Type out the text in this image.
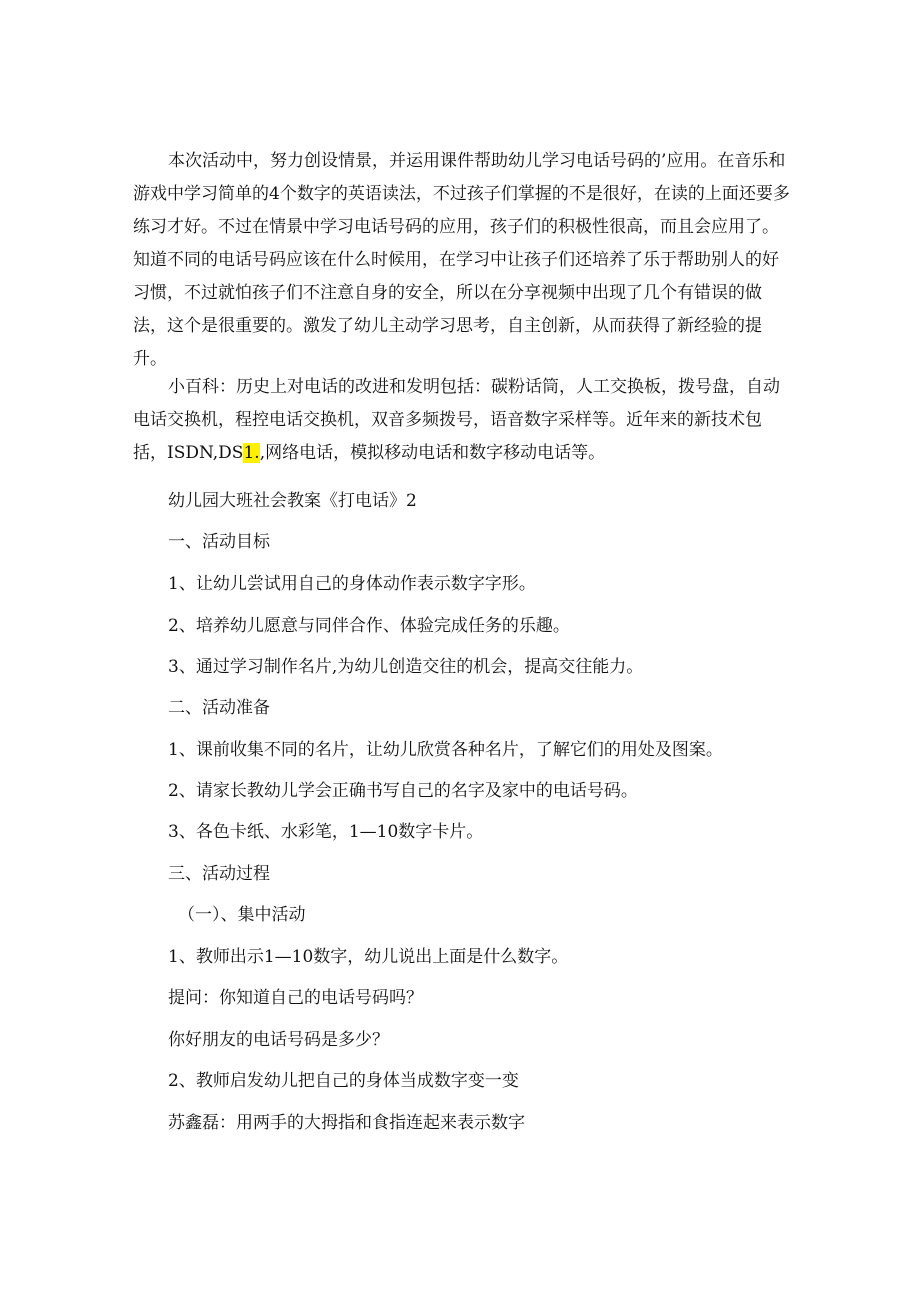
本次活动中，努力创设情景，并运用课件帮助幼儿学习电话号码的’应用。在音乐和游戏中学习简单的4个数字的英语读法，不过孩子们掌握的不是很好，在读的上面还要多练习才好。不过在情景中学习电话号码的应用，孩子们的积极性很高，而且会应用了。知道不同的电话号码应该在什么时候用，在学习中让孩子们还培养了乐于帮助别人的好习惯，不过就怕孩子们不注意自身的安全，所以在分享视频中出现了几个有错误的做法，这个是很重要的。激发了幼儿主动学习思考，自主创新，从而获得了新经验的提升。

小百科：历史上对电话的改进和发明包括：碳粉话筒，人工交换板，拨号盘，自动电话交换机，程控电话交换机，双音多频拨号，语音数字采样等。近年来的新技术包括，ISDN,DS1.,网络电话，模拟移动电话和数字移动电话等。

幼儿园大班社会教案《打电话》2

一、活动目标

1、让幼儿尝试用自己的身体动作表示数字字形。

2、培养幼儿愿意与同伴合作、体验完成任务的乐趣。

3、通过学习制作名片,为幼儿创造交往的机会，提高交往能力。

二、活动准备

1、课前收集不同的名片，让幼儿欣赏各种名片，了解它们的用处及图案。

2、请家长教幼儿学会正确书写自己的名字及家中的电话号码。

3、各色卡纸、水彩笔，1—10数字卡片。

三、活动过程

（一）、集中活动

1、教师出示1—10数字，幼儿说出上面是什么数字。

提问：你知道自己的电话号码吗？

你好朋友的电话号码是多少？

2、教师启发幼儿把自己的身体当成数字变一变

苏鑫磊：用两手的大拇指和食指连起来表示数字
